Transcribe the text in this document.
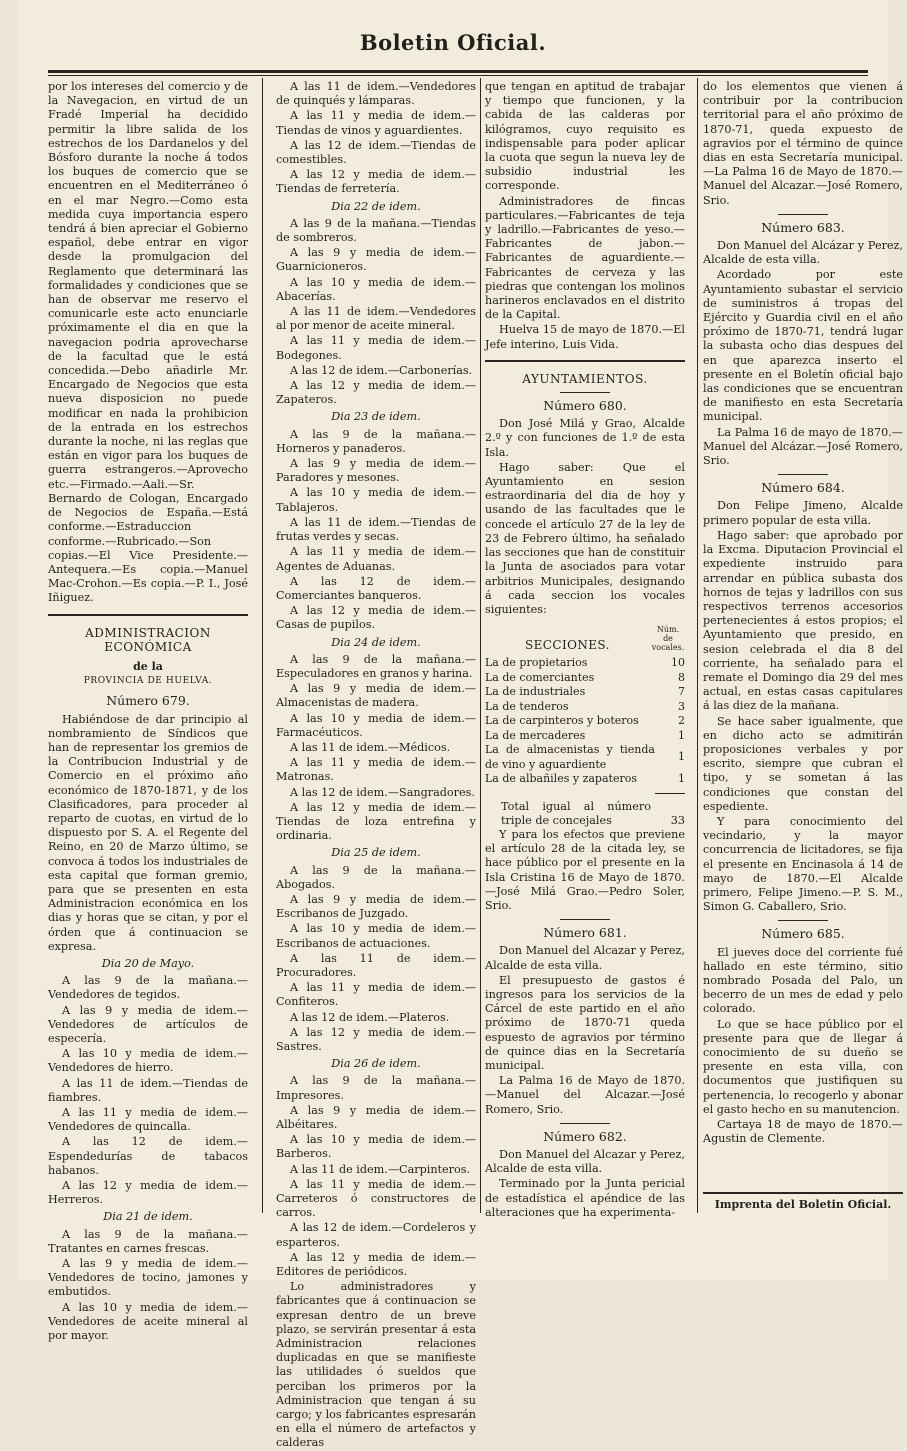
Boletin Oficial.

por los intereses del comercio y de la Navegacion, en virtud de un Fradé Imperial ha decidido permitir la libre salida de los estrechos de los Dardanelos y del Bósforo durante la noche á todos los buques de comercio que se encuentren en el Mediterráneo ó en el mar Negro.—Como esta medida cuya importancia espero tendrá á bien apreciar el Gobierno español, debe entrar en vigor desde la promulgacion del Reglamento que determinará las formalidades y condiciones que se han de observar me reservo el comunicarle este acto enunciarle próximamente el dia en que la navegacion podria aprovecharse de la facultad que le está concedida.—Debo añadirle Mr. Encargado de Negocios que esta nueva disposicion no puede modificar en nada la prohibicion de la entrada en los estrechos durante la noche, ni las reglas que están en vigor para los buques de guerra estrangeros.—Aprovecho etc.—Firmado.—Aali.—Sr. Bernardo de Cologan, Encargado de Negocios de España.—Está conforme.—Estraduccion conforme.—Rubricado.—Son copias.—El Vice Presidente.—Antequera.—Es copia.—Manuel Mac-Crohon.—Es copia.—P. I., José Iñiguez.

ADMINISTRACION ECONÓMICA
de la
PROVINCIA DE HUELVA.
Número 679.

Habiéndose de dar principio al nombramiento de Síndicos que han de representar los gremios de la Contribucion Industrial y de Comercio en el próximo año económico de 1870-1871, y de los Clasificadores, para proceder al reparto de cuotas, en virtud de lo dispuesto por S. A. el Regente del Reino, en 20 de Marzo último, se convoca á todos los industriales de esta capital que forman gremio, para que se presenten en esta Administracion económica en los dias y horas que se citan, y por el órden que á continuacion se expresa.

Dia 20 de Mayo.

A las 9 de la mañana.—Vendedores de tegidos.

A las 9 y media de idem.—Vendedores de artículos de especería.

A las 10 y media de idem.—Vendedores de hierro.

A las 11 de idem.—Tiendas de fiambres.

A las 11 y media de idem.—Vendedores de quincalla.

A las 12 de idem.—Espendedurías de tabacos habanos.

A las 12 y media de idem.—Herreros.

Dia 21 de idem.

A las 9 de la mañana.—Tratantes en carnes frescas.

A las 9 y media de idem.—Vendedores de tocino, jamones y embutidos.

A las 10 y media de idem.—Vendedores de aceite mineral al por mayor.

A las 11 de idem.—Vendedores de quinqués y lámparas.

A las 11 y media de idem.—Tiendas de vinos y aguardientes.

A las 12 de idem.—Tiendas de comestibles.

A las 12 y media de idem.—Tiendas de ferretería.

Dia 22 de idem.

A las 9 de la mañana.—Tiendas de sombreros.

A las 9 y media de idem.—Guarnicioneros.

A las 10 y media de idem.—Abacerías.

A las 11 de idem.—Vendedores al por menor de aceite mineral.

A las 11 y media de idem.—Bodegones.

A las 12 de idem.—Carbonerías.

A las 12 y media de idem.—Zapateros.

Dia 23 de idem.

A las 9 de la mañana.—Horneros y panaderos.

A las 9 y media de idem.—Paradores y mesones.

A las 10 y media de idem.—Tablajeros.

A las 11 de idem.—Tiendas de frutas verdes y secas.

A las 11 y media de idem.—Agentes de Aduanas.

A las 12 de idem.—Comerciantes banqueros.

A las 12 y media de idem.—Casas de pupilos.

Dia 24 de idem.

A las 9 de la mañana.—Especuladores en granos y harina.

A las 9 y media de idem.—Almacenistas de madera.

A las 10 y media de idem.—Farmacéuticos.

A las 11 de idem.—Médicos.

A las 11 y media de idem.—Matronas.

A las 12 de idem.—Sangradores.

A las 12 y media de idem.—Tiendas de loza entrefina y ordinaria.

Dia 25 de idem.

A las 9 de la mañana.—Abogados.

A las 9 y media de idem.—Escribanos de Juzgado.

A las 10 y media de idem.—Escribanos de actuaciones.

A las 11 de idem.—Procuradores.

A las 11 y media de idem.—Confiteros.

A las 12 de idem.—Plateros.

A las 12 y media de idem.—Sastres.

Dia 26 de idem.

A las 9 de la mañana.—Impresores.

A las 9 y media de idem.—Albéitares.

A las 10 y media de idem.—Barberos.

A las 11 de idem.—Carpinteros.

A las 11 y media de idem.—Carreteros ó constructores de carros.

A las 12 de idem.—Cordeleros y esparteros.

A las 12 y media de idem.—Editores de periódicos.

Lo administradores y fabricantes que á continuacion se expresan dentro de un breve plazo, se servirán presentar á esta Administracion relaciones duplicadas en que se manifieste las utilidades ó sueldos que perciban los primeros por la Administracion que tengan á su cargo; y los fabricantes espresarán en ella el número de artefactos y calderas

que tengan en aptitud de trabajar y tiempo que funcionen, y la cabida de las calderas por kilógramos, cuyo requisito es indispensable para poder aplicar la cuota que segun la nueva ley de subsidio industrial les corresponde.

Administradores de fincas particulares.—Fabricantes de teja y ladrillo.—Fabricantes de yeso.—Fabricantes de jabon.—Fabricantes de aguardiente.—Fabricantes de cerveza y las piedras que contengan los molinos harineros enclavados en el distrito de la Capital.

Huelva 15 de mayo de 1870.—El Jefe interino, Luis Vida.

AYUNTAMIENTOS.
Número 680.

Don José Milá y Grao, Alcalde 2.º y con funciones de 1.º de esta Isla.

Hago saber: Que el Ayuntamiento en sesion estraordinaria del dia de hoy y usando de las facultades que le concede el artículo 27 de la ley de 23 de Febrero último, ha señalado las secciones que han de constituir la Junta de asociados para votar arbitrios Municipales, designando á cada seccion los vocales siguientes:

SECCIONES.
Núm. de vocales.
La de propietarios	10
La de comerciantes	8
La de industriales	7
La de tenderos	3
La de carpinteros y boteros	2
La de mercaderes	1
La de almacenistas y tienda de vino y aguardiente	1
La de albañiles y zapateros	1
Total igual al número triple de concejales	33

Y para los efectos que previene el artículo 28 de la citada ley, se hace público por el presente en la Isla Cristina 16 de Mayo de 1870.—José Milá Grao.—Pedro Soler, Srio.

Número 681.

Don Manuel del Alcazar y Perez, Alcalde de esta villa.

El presupuesto de gastos é ingresos para los servicios de la Cárcel de este partido en el año próximo de 1870-71 queda espuesto de agravios por término de quince dias en la Secretaría municipal.

La Palma 16 de Mayo de 1870.—Manuel del Alcazar.—José Romero, Srio.

Número 682.

Don Manuel del Alcazar y Perez, Alcalde de esta villa.

Terminado por la Junta pericial de estadística el apéndice de las alteraciones que ha experimenta-

do los elementos que vienen á contribuir por la contribucion territorial para el año próximo de 1870-71, queda expuesto de agravios por el término de quince dias en esta Secretaría municipal.—La Palma 16 de Mayo de 1870.—Manuel del Alcazar.—José Romero, Srio.

Número 683.

Don Manuel del Alcázar y Perez, Alcalde de esta villa.

Acordado por este Ayuntamiento subastar el servicio de suministros á tropas del Ejército y Guardia civil en el año próximo de 1870-71, tendrá lugar la subasta ocho dias despues del en que aparezca inserto el presente en el Boletín oficial bajo las condiciones que se encuentran de manifiesto en esta Secretaría municipal.

La Palma 16 de mayo de 1870.—Manuel del Alcázar.—José Romero, Srio.

Número 684.

Don Felipe Jimeno, Alcalde primero popular de esta villa.

Hago saber: que aprobado por la Excma. Diputacion Provincial el expediente instruido para arrendar en pública subasta dos hornos de tejas y ladrillos con sus respectivos terrenos accesorios pertenecientes á estos propios; el Ayuntamiento que presido, en sesion celebrada el dia 8 del corriente, ha señalado para el remate el Domingo dia 29 del mes actual, en estas casas capitulares á las diez de la mañana.

Se hace saber igualmente, que en dicho acto se admitirán proposiciones verbales y por escrito, siempre que cubran el tipo, y se sometan á las condiciones que constan del espediente.

Y para conocimiento del vecindario, y la mayor concurrencia de licitadores, se fija el presente en Encinasola á 14 de mayo de 1870.—El Alcalde primero, Felipe Jimeno.—P. S. M., Simon G. Caballero, Srio.

Número 685.

El jueves doce del corriente fué hallado en este término, sitio nombrado Posada del Palo, un becerro de un mes de edad y pelo colorado.

Lo que se hace público por el presente para que de llegar á conocimiento de su dueño se presente en esta villa, con documentos que justifiquen su pertenencia, lo recogerlo y abonar el gasto hecho en su manutencion.

Cartaya 18 de mayo de 1870.—Agustin de Clemente.

Imprenta del Boletin Oficial.
